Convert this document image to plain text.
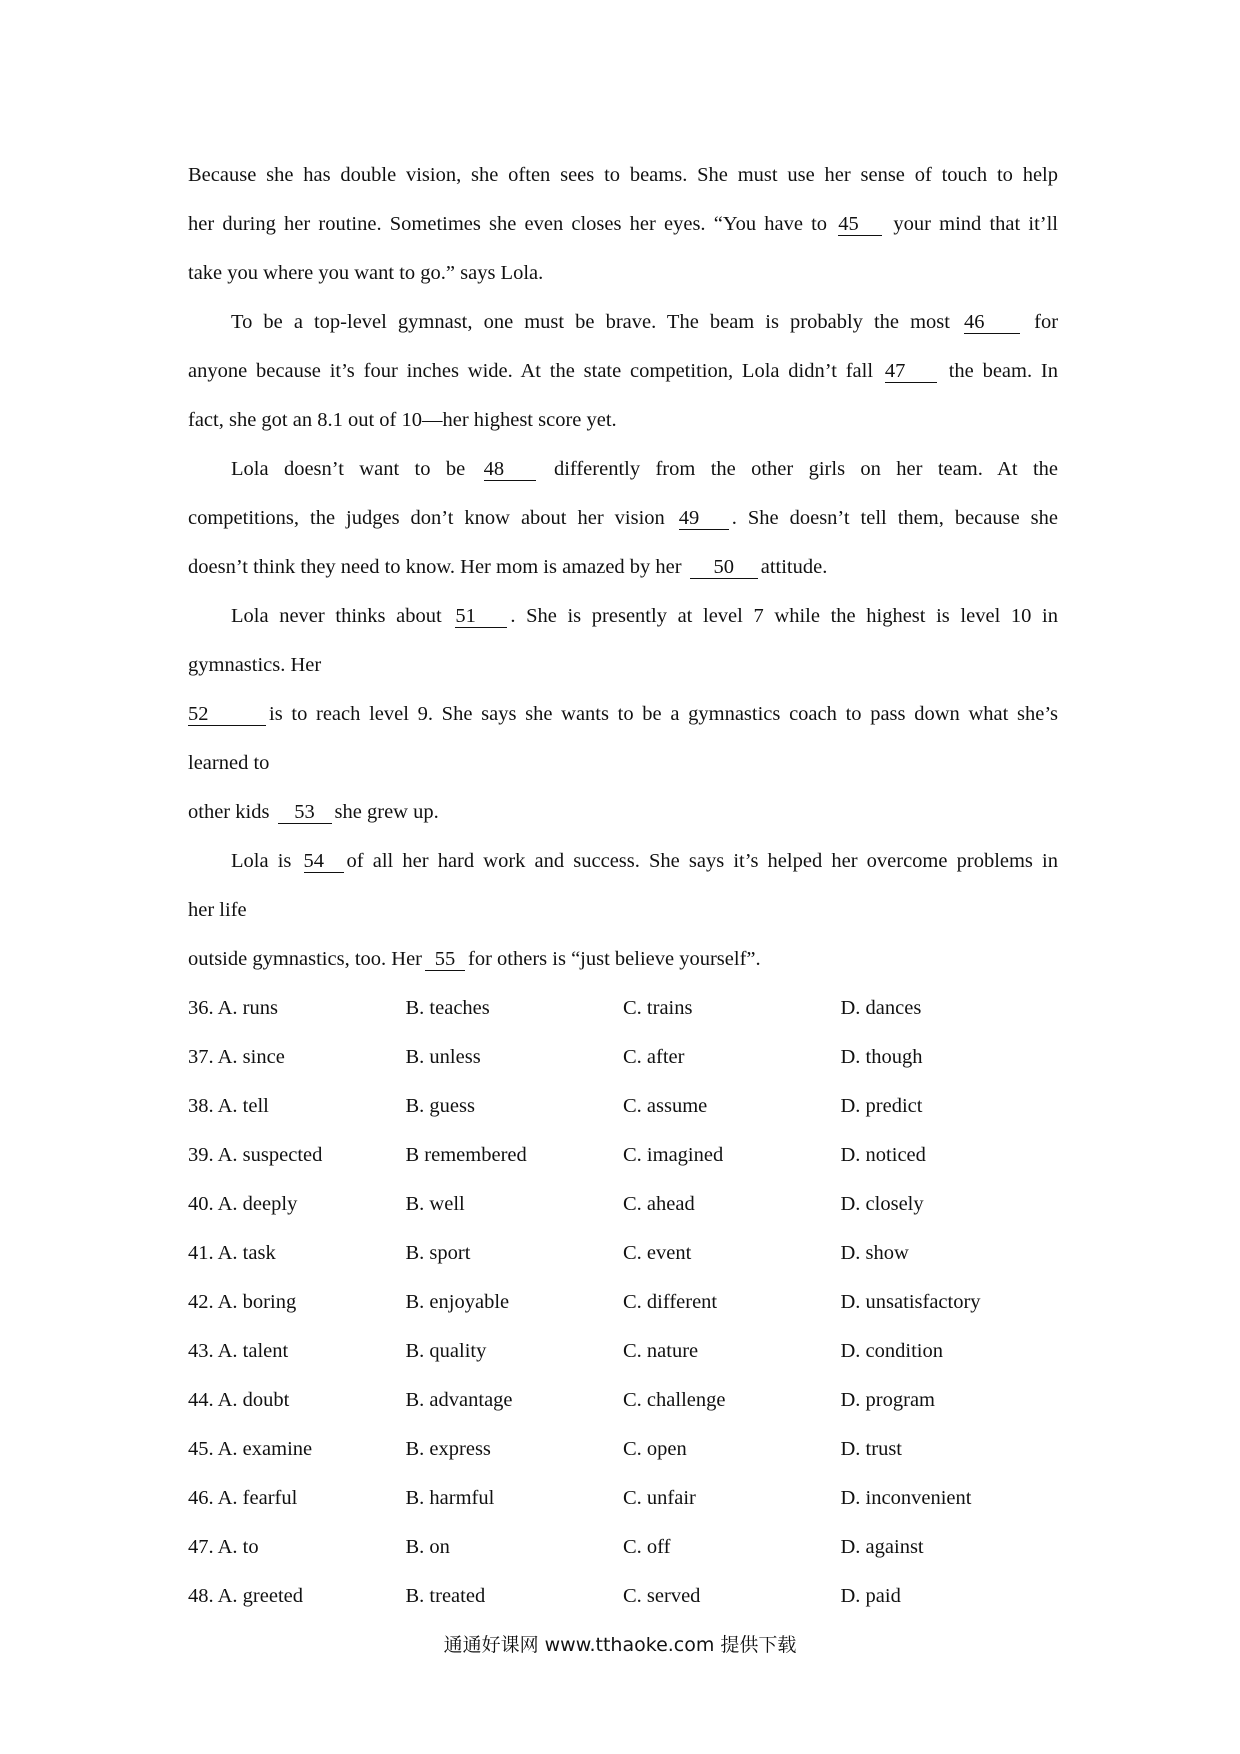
Because she has double vision, she often sees to beams. She must use her sense of touch to help
her during her routine. Sometimes she even closes her eyes. “You have to 45 your mind that it’ll
take you where you want to go.” says Lola.
To be a top-level gymnast, one must be brave. The beam is probably the most 46 for
anyone because it’s four inches wide. At the state competition, Lola didn’t fall 47 the beam. In
fact, she got an 8.1 out of 10—her highest score yet.
Lola doesn’t want to be 48 differently from the other girls on her team. At the
competitions, the judges don’t know about her vision 49 . She doesn’t tell them, because she
doesn’t think they need to know. Her mom is amazed by her 50 attitude.
Lola never thinks about 51 . She is presently at level 7 while the highest is level 10 in
gymnastics. Her
52	is to reach level 9. She says she wants to be a gymnastics coach to pass down what she’s
learned to
other kids 53 she grew up.
Lola is 54 of all her hard work and success. She says it’s helped her overcome problems in
her life
outside gymnastics, too. Her 55 for others is “just believe yourself”.
36. A. runs	B. teaches	C. trains	D. dances
37. A. since	B. unless	C. after	D. though
38. A. tell	B. guess	C. assume	D. predict
39. A. suspected	B remembered	C. imagined	D. noticed
40. A. deeply	B. well	C. ahead	D. closely
41. A. task	B. sport	C. event	D. show
42. A. boring	B. enjoyable	C. different	D. unsatisfactory
43. A. talent	B. quality	C. nature	D. condition
44. A. doubt	B. advantage	C. challenge	D. program
45. A. examine	B. express	C. open	D. trust
46. A. fearful	B. harmful	C. unfair	D. inconvenient
47. A. to	B. on	C. off	D. against
48. A. greeted	B. treated	C. served	D. paid
通通好课网 www.tthaoke.com 提供下载
